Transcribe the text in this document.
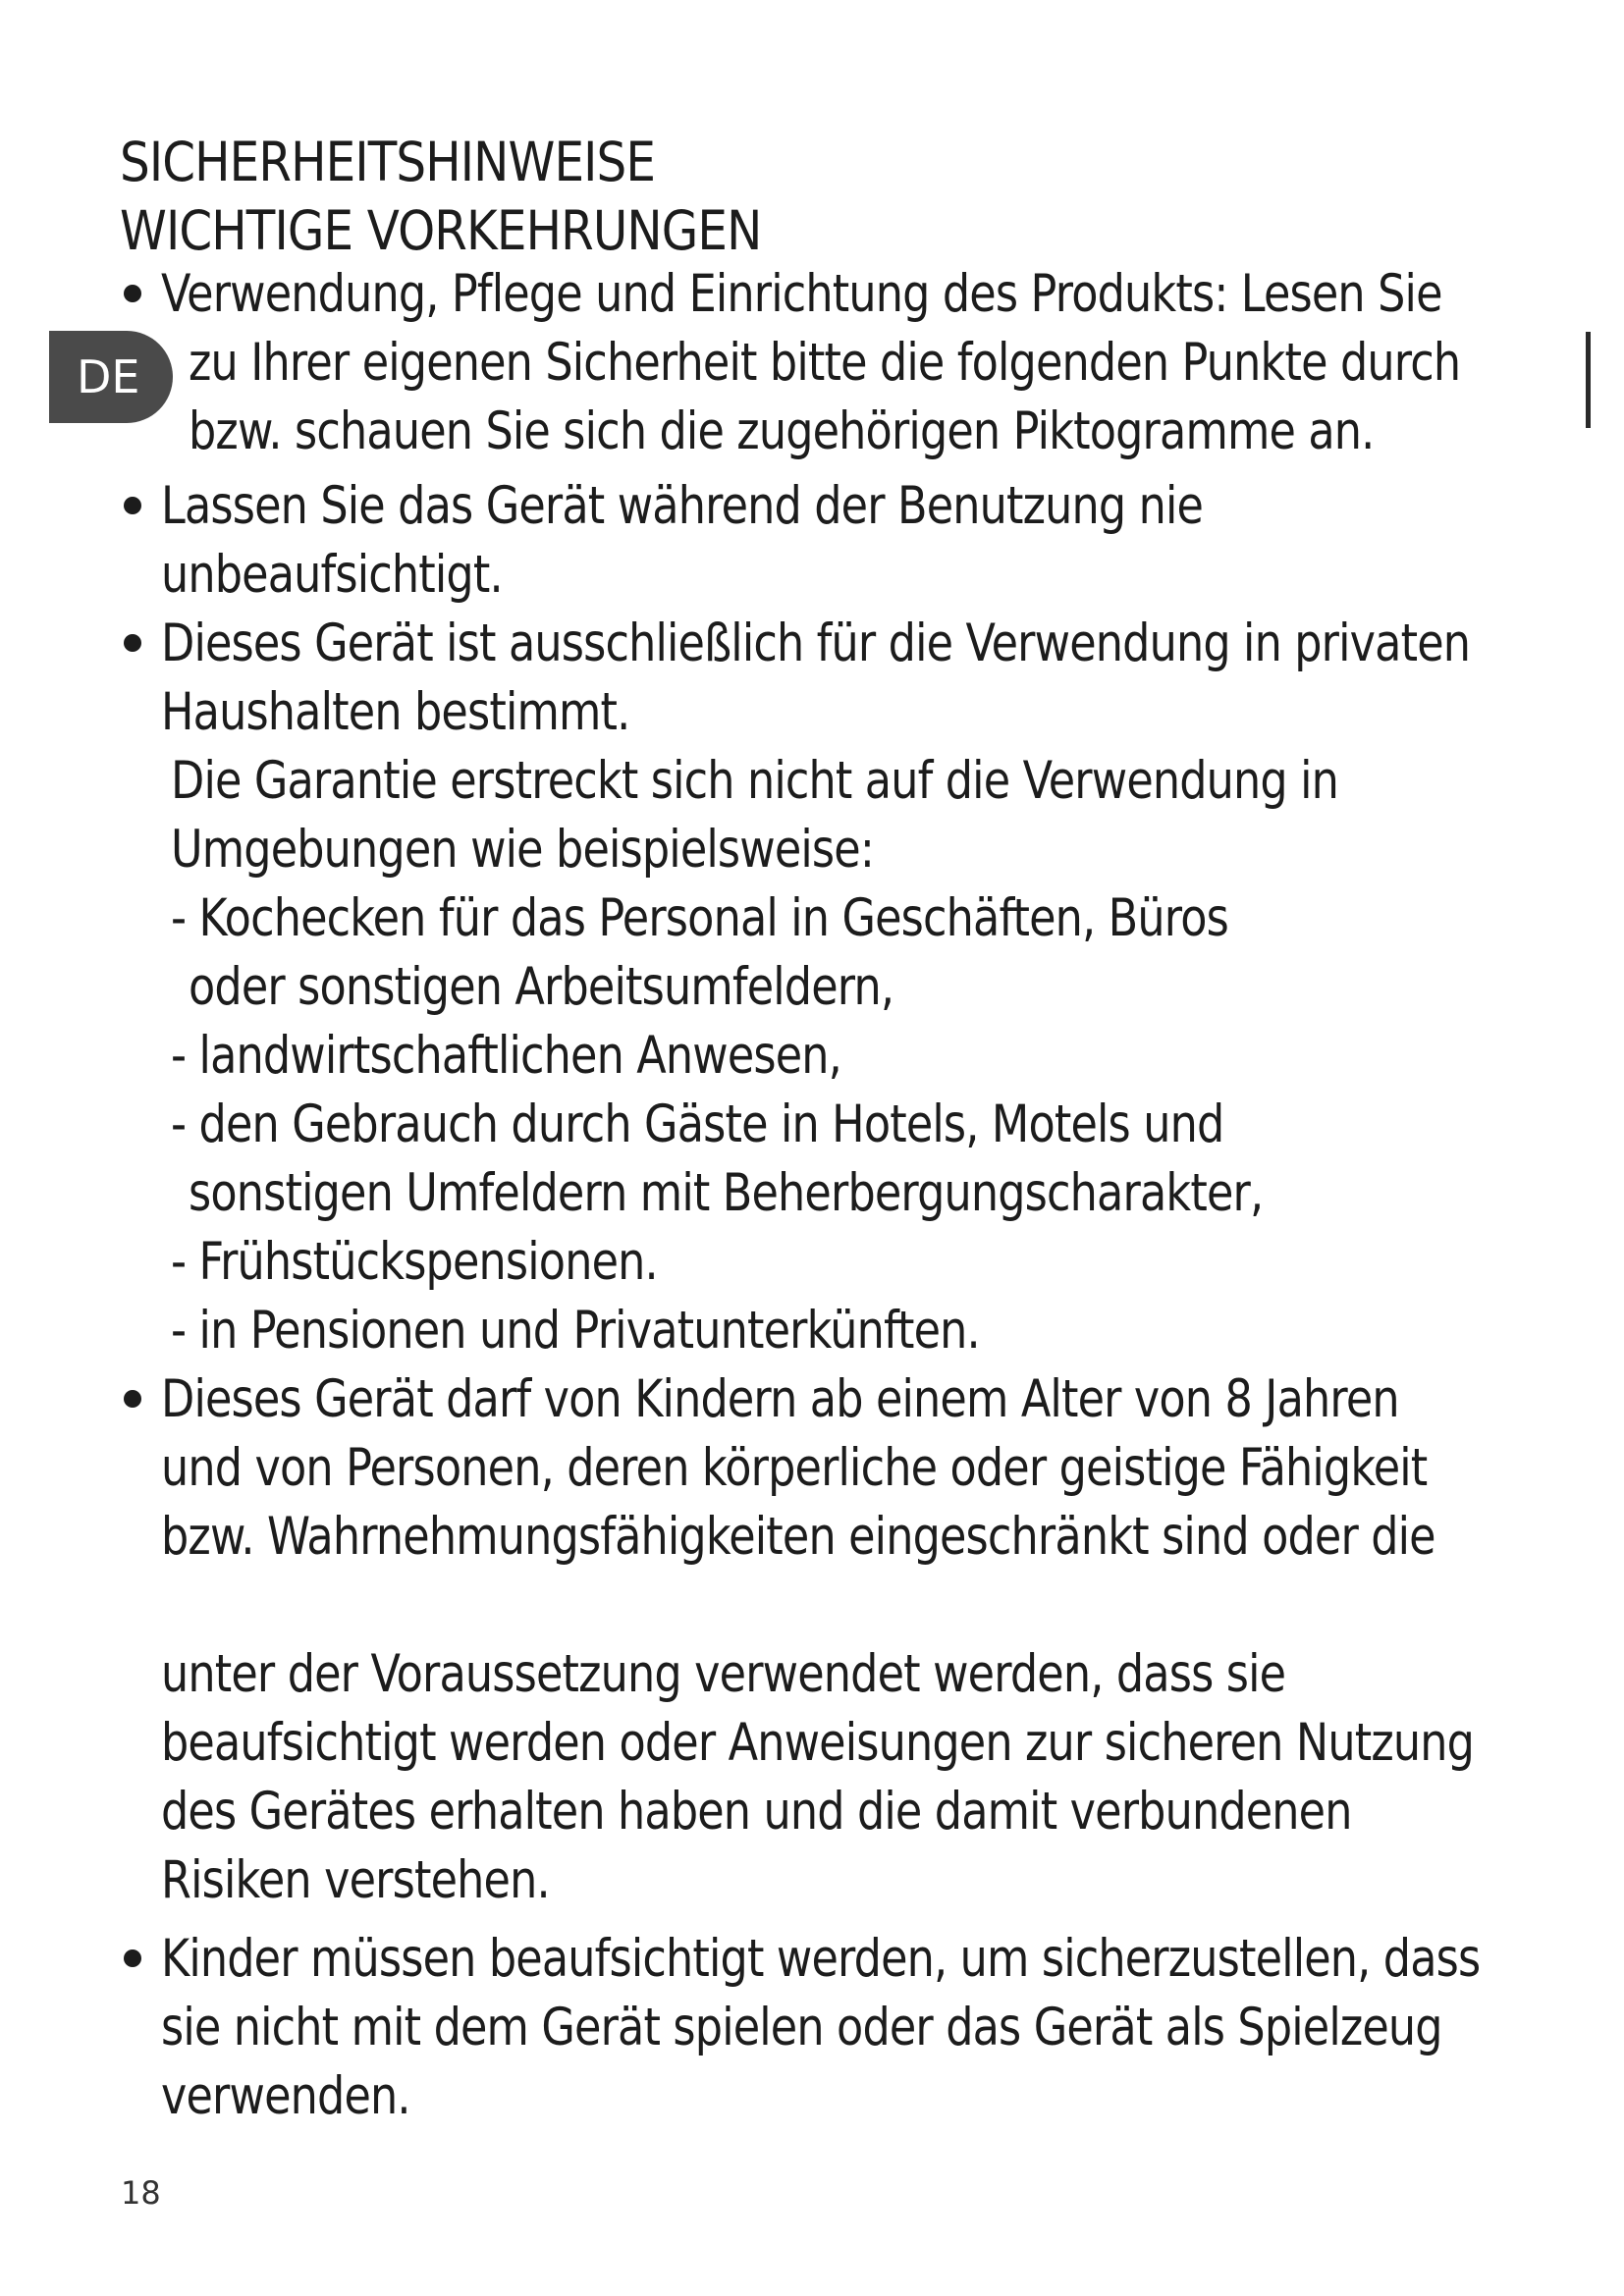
DE
SICHERHEITSHINWEISE
WICHTIGE VORKEHRUNGEN
Verwendung, Pflege und Einrichtung des Produkts: Lesen Sie
zu Ihrer eigenen Sicherheit bitte die folgenden Punkte durch
bzw. schauen Sie sich die zugehörigen Piktogramme an.
Lassen Sie das Gerät während der Benutzung nie
unbeaufsichtigt.
Dieses Gerät ist ausschließlich für die Verwendung in privaten
Haushalten bestimmt.
Die Garantie erstreckt sich nicht auf die Verwendung in
Umgebungen wie beispielsweise:
- Kochecken für das Personal in Geschäften, Büros
oder sonstigen Arbeitsumfeldern,
- landwirtschaftlichen Anwesen,
- den Gebrauch durch Gäste in Hotels, Motels und
sonstigen Umfeldern mit Beherbergungscharakter,
- Frühstückspensionen.
- in Pensionen und Privatunterkünften.
Dieses Gerät darf von Kindern ab einem Alter von 8 Jahren
und von Personen, deren körperliche oder geistige Fähigkeit
bzw. Wahrnehmungsfähigkeiten eingeschränkt sind oder die
unter der Voraussetzung verwendet werden, dass sie
beaufsichtigt werden oder Anweisungen zur sicheren Nutzung
des Gerätes erhalten haben und die damit verbundenen
Risiken verstehen.
Kinder müssen beaufsichtigt werden, um sicherzustellen, dass
sie nicht mit dem Gerät spielen oder das Gerät als Spielzeug
verwenden.
18
